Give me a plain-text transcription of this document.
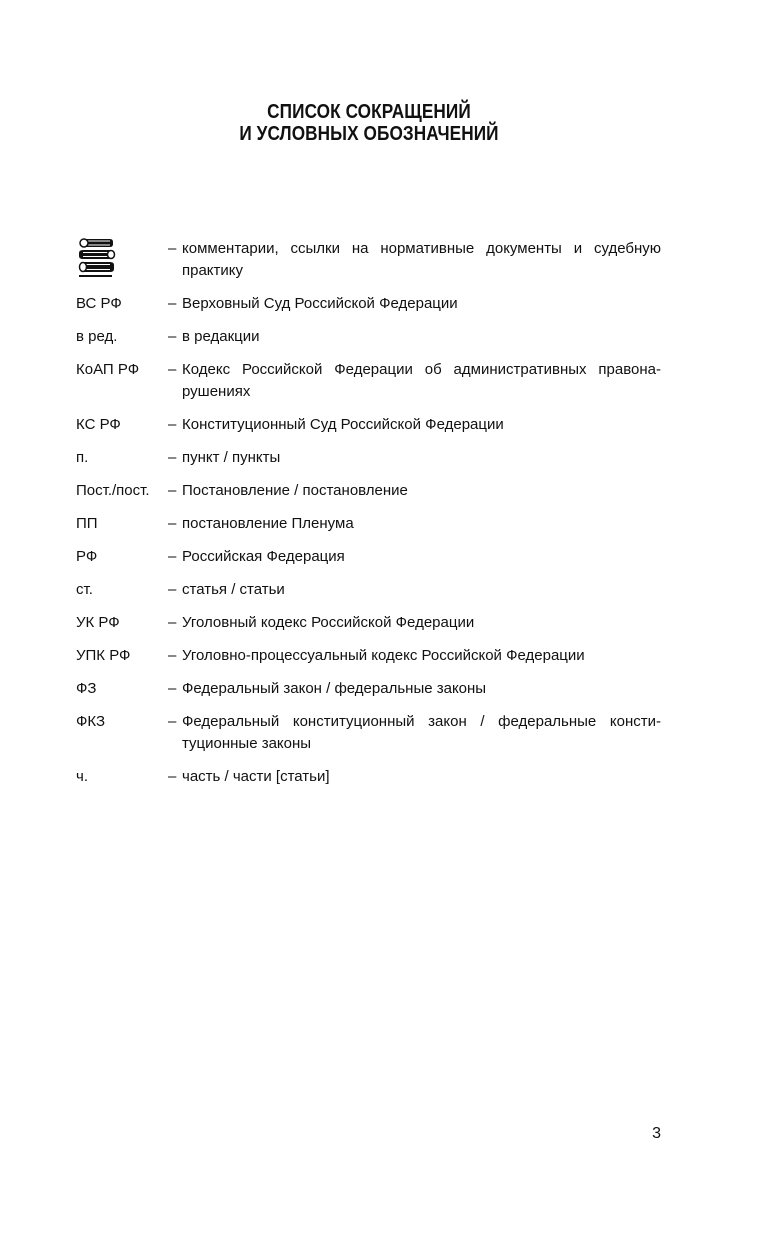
СПИСОК СОКРАЩЕНИЙ
И УСЛОВНЫХ ОБОЗНАЧЕНИЙ
– комментарии, ссылки на нормативные документы и судебную практику
ВС РФ	– Верховный Суд Российской Федерации
в ред.	– в редакции
КоАП РФ	– Кодекс Российской Федерации об административных правона-рушениях
КС РФ	– Конституционный Суд Российской Федерации
п.	– пункт / пункты
Пост./пост.	– Постановление / постановление
ПП	– постановление Пленума
РФ	– Российская Федерация
ст.	– статья / статьи
УК РФ	– Уголовный кодекс Российской Федерации
УПК РФ	– Уголовно-процессуальный кодекс Российской Федерации
ФЗ	– Федеральный закон / федеральные законы
ФКЗ	– Федеральный конституционный закон / федеральные консти-туционные законы
ч.	– часть / части [статьи]
3
